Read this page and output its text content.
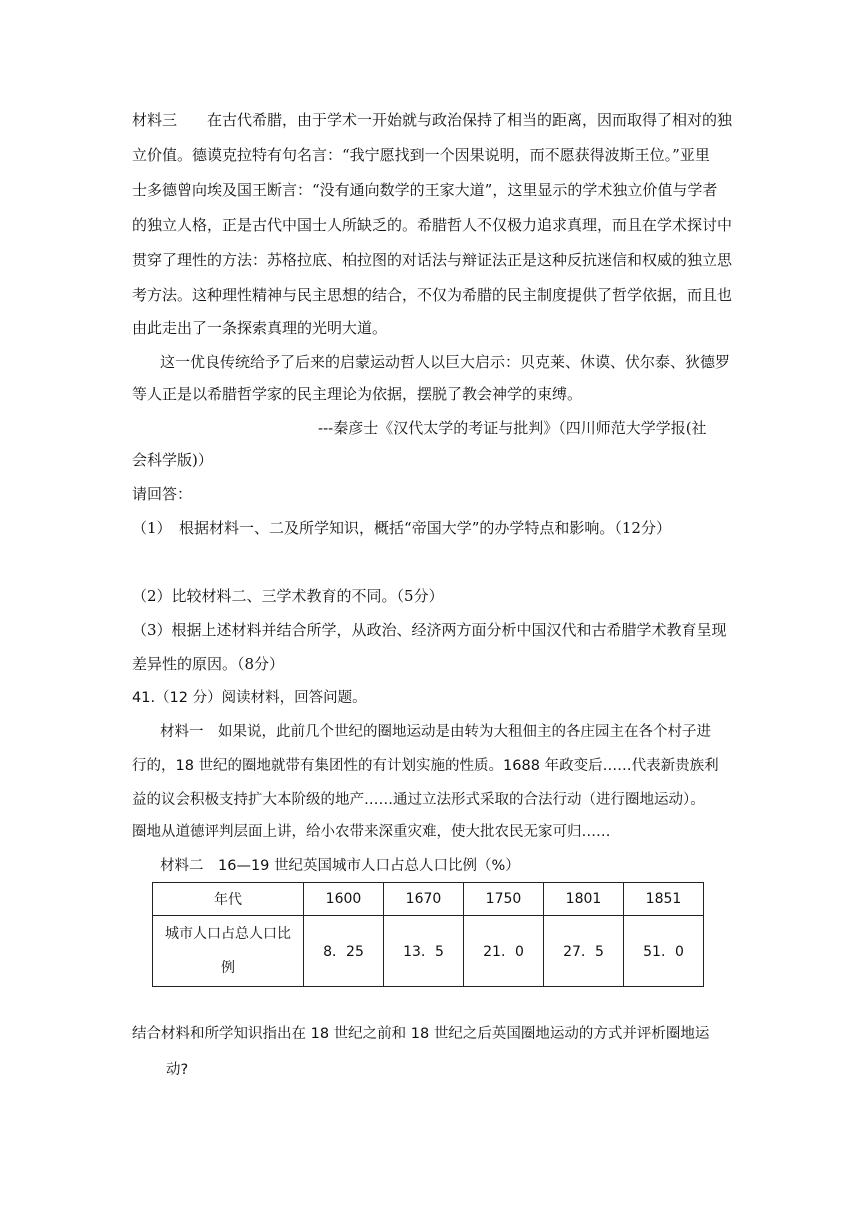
材料三　　在古代希腊，由于学术一开始就与政治保持了相当的距离，因而取得了相对的独
立价值。德谟克拉特有句名言：“我宁愿找到一个因果说明，而不愿获得波斯王位。”亚里
士多德曾向埃及国王断言：“没有通向数学的王家大道”，这里显示的学术独立价值与学者
的独立人格，正是古代中国士人所缺乏的。希腊哲人不仅极力追求真理，而且在学术探讨中
贯穿了理性的方法：苏格拉底、柏拉图的对话法与辩证法正是这种反抗迷信和权威的独立思
考方法。这种理性精神与民主思想的结合，不仅为希腊的民主制度提供了哲学依据，而且也
由此走出了一条探索真理的光明大道。
这一优良传统给予了后来的启蒙运动哲人以巨大启示：贝克莱、休谟、伏尔泰、狄德罗
等人正是以希腊哲学家的民主理论为依据，摆脱了教会神学的束缚。
---秦彦士《汉代太学的考证与批判》（四川师范大学学报(社
会科学版)）
请回答：
（1）　根据材料一、二及所学知识，概括“帝国大学”的办学特点和影响。（12分）
（2）比较材料二、三学术教育的不同。（5分）
（3）根据上述材料并结合所学，从政治、经济两方面分析中国汉代和古希腊学术教育呈现
差异性的原因。（8分）
41.（12 分）阅读材料，回答问题。
材料一　如果说，此前几个世纪的圈地运动是由转为大租佃主的各庄园主在各个村子进
行的，18 世纪的圈地就带有集团性的有计划实施的性质。1688 年政变后……代表新贵族利
益的议会积极支持扩大本阶级的地产……通过立法形式采取的合法行动（进行圈地运动）。
圈地从道德评判层面上讲，给小农带来深重灾难，使大批农民无家可归……
材料二　16—19 世纪英国城市人口占总人口比例（%）
年代	1600	1670	1750	1801	1851
城市人口占总人口比
例	8．25	13．5	21．0	27．5	51．0
结合材料和所学知识指出在 18 世纪之前和 18 世纪之后英国圈地运动的方式并评析圈地运
动?
